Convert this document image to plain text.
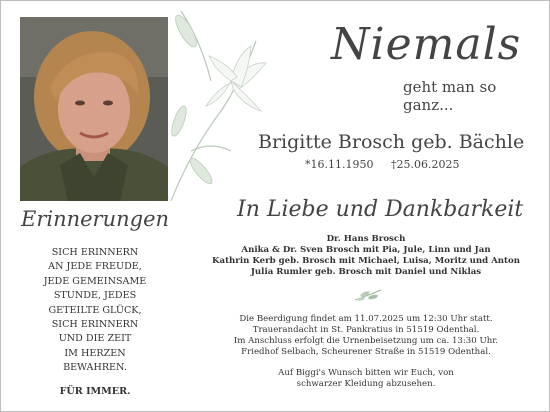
Niemals
geht man so ganz...
Brigitte Brosch geb. Bächle
*16.11.1950 †25.06.2025
In Liebe und Dankbarkeit
Dr. Hans Brosch
Anika & Dr. Sven Brosch mit Pia, Jule, Linn und Jan
Kathrin Kerb geb. Brosch mit Michael, Luisa, Moritz und Anton
Julia Rumler geb. Brosch mit Daniel und Niklas
Die Beerdigung findet am 11.07.2025 um 12:30 Uhr statt.
Trauerandacht in St. Pankratius in 51519 Odenthal.
Im Anschluss erfolgt die Urnenbeisetzung um ca. 13:30 Uhr.
Friedhof Selbach, Scheurener Straße in 51519 Odenthal.
Auf Biggi's Wunsch bitten wir Euch, von
schwarzer Kleidung abzusehen.
Erinnerungen
SICH ERINNERN
AN JEDE FREUDE,
JEDE GEMEINSAME
STUNDE, JEDES
GETEILTE GLÜCK,
SICH ERINNERN
UND DIE ZEIT
IM HERZEN
BEWAHREN.
FÜR IMMER.
